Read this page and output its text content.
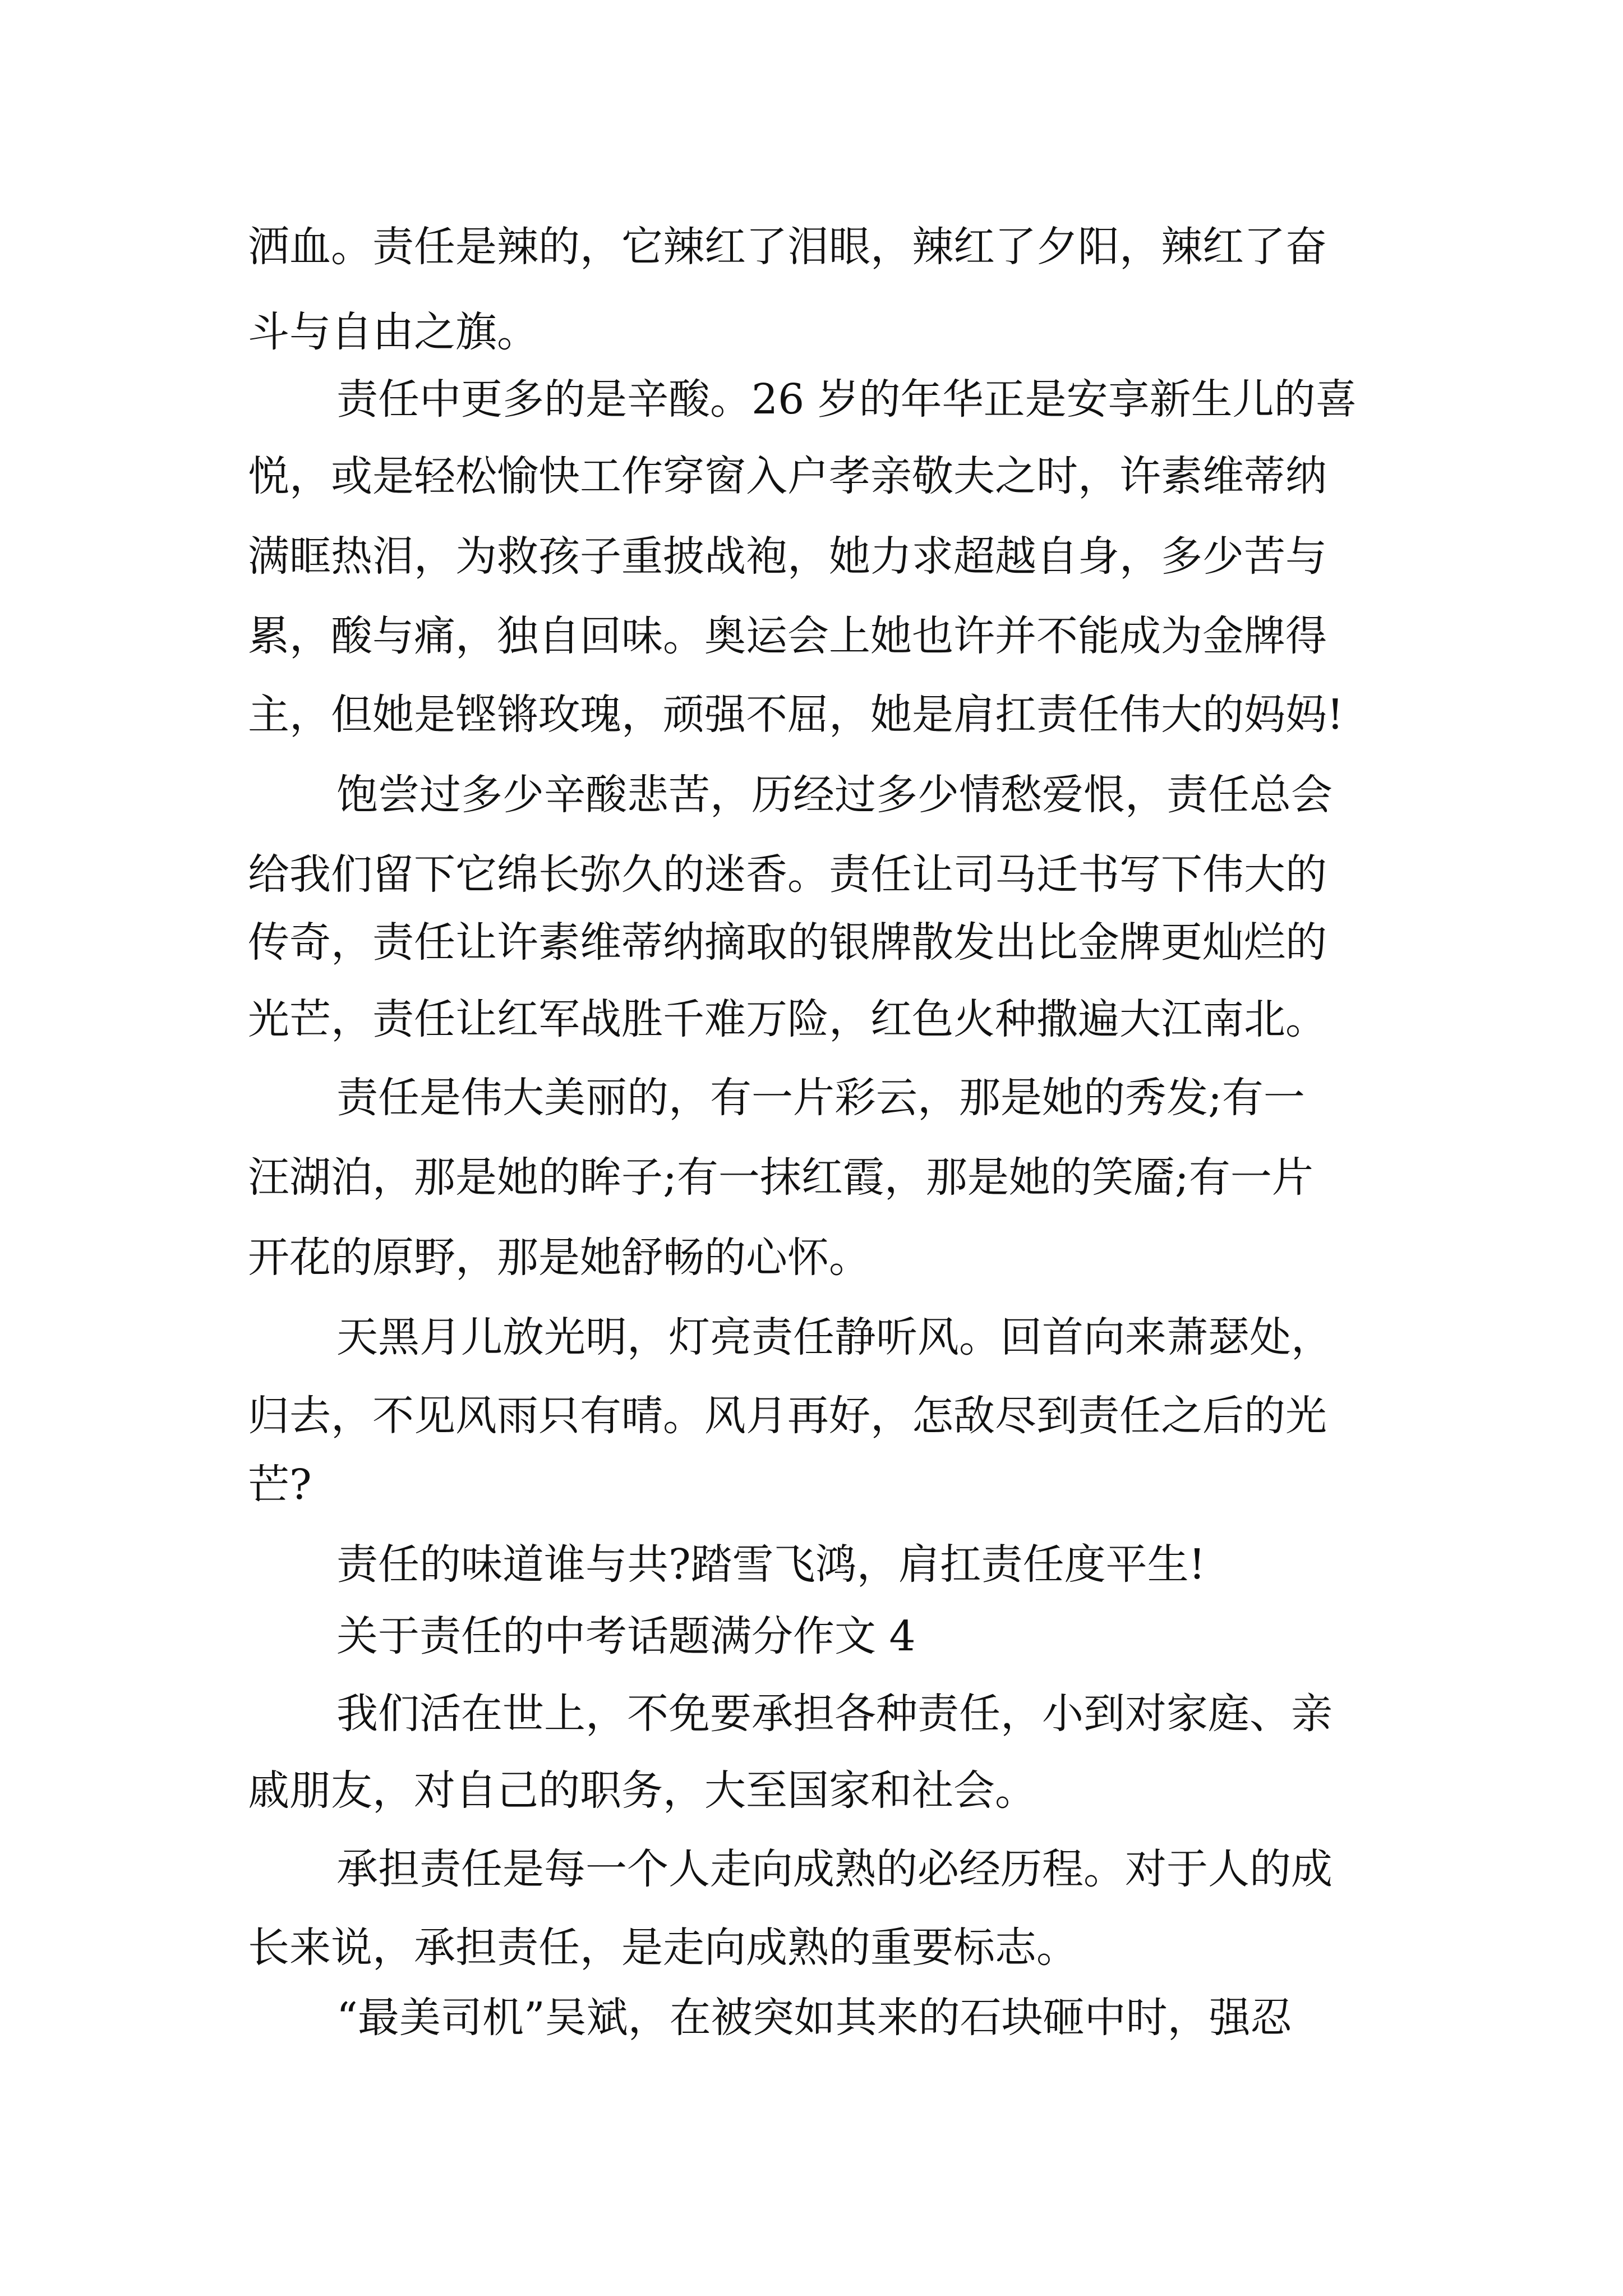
洒血。责任是辣的，它辣红了泪眼，辣红了夕阳，辣红了奋

斗与自由之旗。

责任中更多的是辛酸。26 岁的年华正是安享新生儿的喜

悦，或是轻松愉快工作穿窗入户孝亲敬夫之时，许素维蒂纳

满眶热泪，为救孩子重披战袍，她力求超越自身，多少苦与

累，酸与痛，独自回味。奥运会上她也许并不能成为金牌得

主，但她是铿锵玫瑰，顽强不屈，她是肩扛责任伟大的妈妈!

饱尝过多少辛酸悲苦，历经过多少情愁爱恨，责任总会

给我们留下它绵长弥久的迷香。责任让司马迁书写下伟大的

传奇，责任让许素维蒂纳摘取的银牌散发出比金牌更灿烂的

光芒，责任让红军战胜千难万险，红色火种撒遍大江南北。

责任是伟大美丽的，有一片彩云，那是她的秀发;有一

汪湖泊，那是她的眸子;有一抹红霞，那是她的笑靥;有一片

开花的原野，那是她舒畅的心怀。

天黑月儿放光明，灯亮责任静听风。回首向来萧瑟处，

归去，不见风雨只有晴。风月再好，怎敌尽到责任之后的光

芒?

责任的味道谁与共?踏雪飞鸿，肩扛责任度平生!

关于责任的中考话题满分作文 4

我们活在世上，不免要承担各种责任，小到对家庭、亲

戚朋友，对自己的职务，大至国家和社会。

承担责任是每一个人走向成熟的必经历程。对于人的成

长来说，承担责任，是走向成熟的重要标志。

“最美司机”吴斌，在被突如其来的石块砸中时，强忍
